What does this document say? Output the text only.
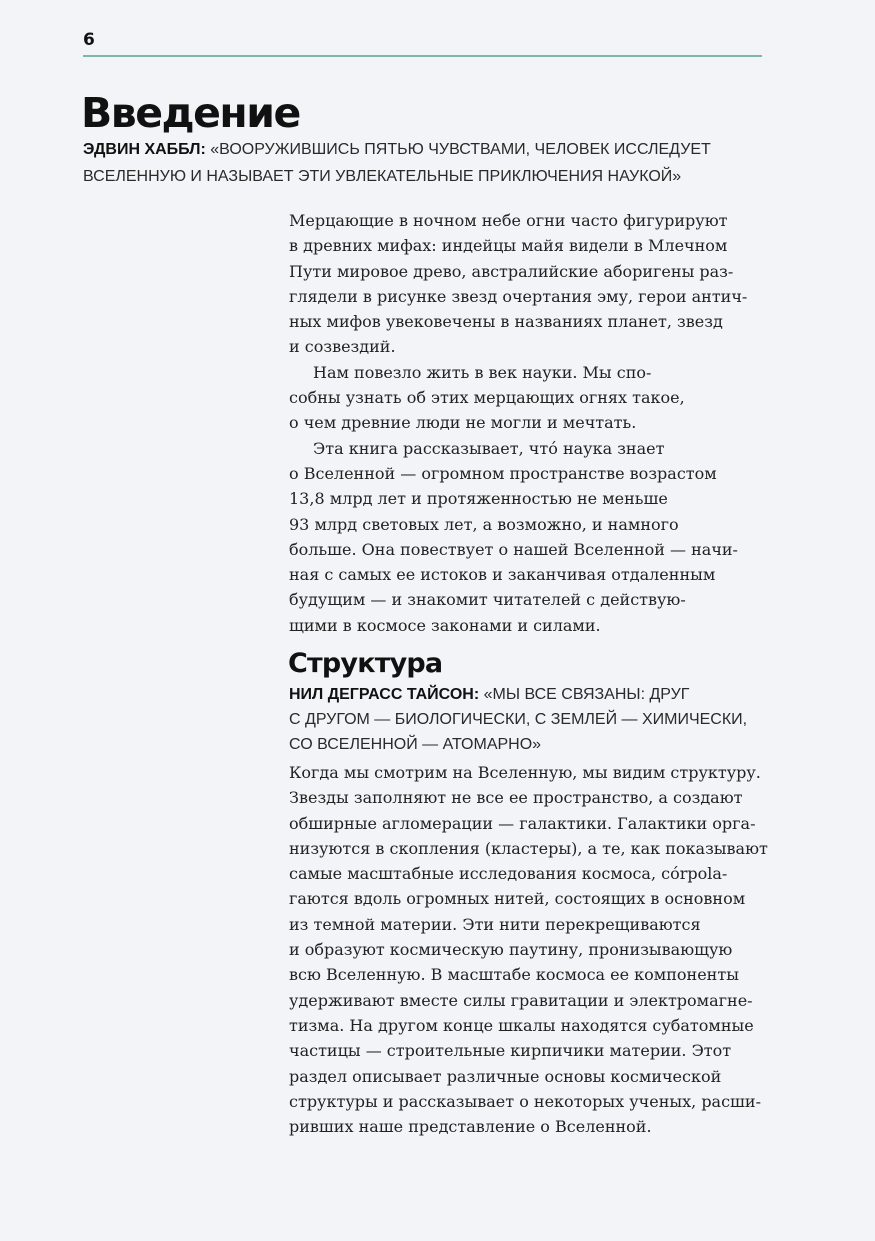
6
Введение
ЭДВИН ХАББЛ: «ВООРУЖИВШИСЬ ПЯТЬЮ ЧУВСТВАМИ, ЧЕЛОВЕК ИССЛЕДУЕТ
ВСЕЛЕННУЮ И НАЗЫВАЕТ ЭТИ УВЛЕКАТЕЛЬНЫЕ ПРИКЛЮЧЕНИЯ НАУКОЙ»
Мерцающие в ночном небе огни часто фигурируют
в древних мифах: индейцы майя видели в Млечном
Пути мировое древо, австралийские аборигены раз-
глядели в рисунке звезд очертания эму, герои антич-
ных мифов увековечены в названиях планет, звезд
и созвездий.
Нам повезло жить в век науки. Мы спо-
собны узнать об этих мерцающих огнях такое,
о чем древние люди не могли и мечтать.
Эта книга рассказывает, что́ наука знает
о Вселенной — огромном пространстве возрастом
13,8 млрд лет и протяженностью не меньше
93 млрд световых лет, а возможно, и намного
больше. Она повествует о нашей Вселенной — начи-
ная с самых ее истоков и заканчивая отдаленным
будущим — и знакомит читателей с действую-
щими в космосе законами и силами.
Структура
НИЛ ДЕГРАСС ТАЙСОН: «МЫ ВСЕ СВЯЗАНЫ: ДРУГ
С ДРУГОМ — БИОЛОГИЧЕСКИ, С ЗЕМЛЕЙ — ХИМИЧЕСКИ,
СО ВСЕЛЕННОЙ — АТОМАРНО»
Когда мы смотрим на Вселенную, мы видим структуру.
Звезды заполняют не все ее пространство, а создают
обширные агломерации — галактики. Галактики орга-
низуются в скопления (кластеры), а те, как показывают
самые масштабные исследования космоса, córpola-
гаются вдоль огромных нитей, состоящих в основном
из темной материи. Эти нити перекрещиваются
и образуют космическую паутину, пронизывающую
всю Вселенную. В масштабе космоса ее компоненты
удерживают вместе силы гравитации и электромагне-
тизма. На другом конце шкалы находятся субатомные
частицы — строительные кирпичики материи. Этот
раздел описывает различные основы космической
структуры и рассказывает о некоторых ученых, расши-
ривших наше представление о Вселенной.
